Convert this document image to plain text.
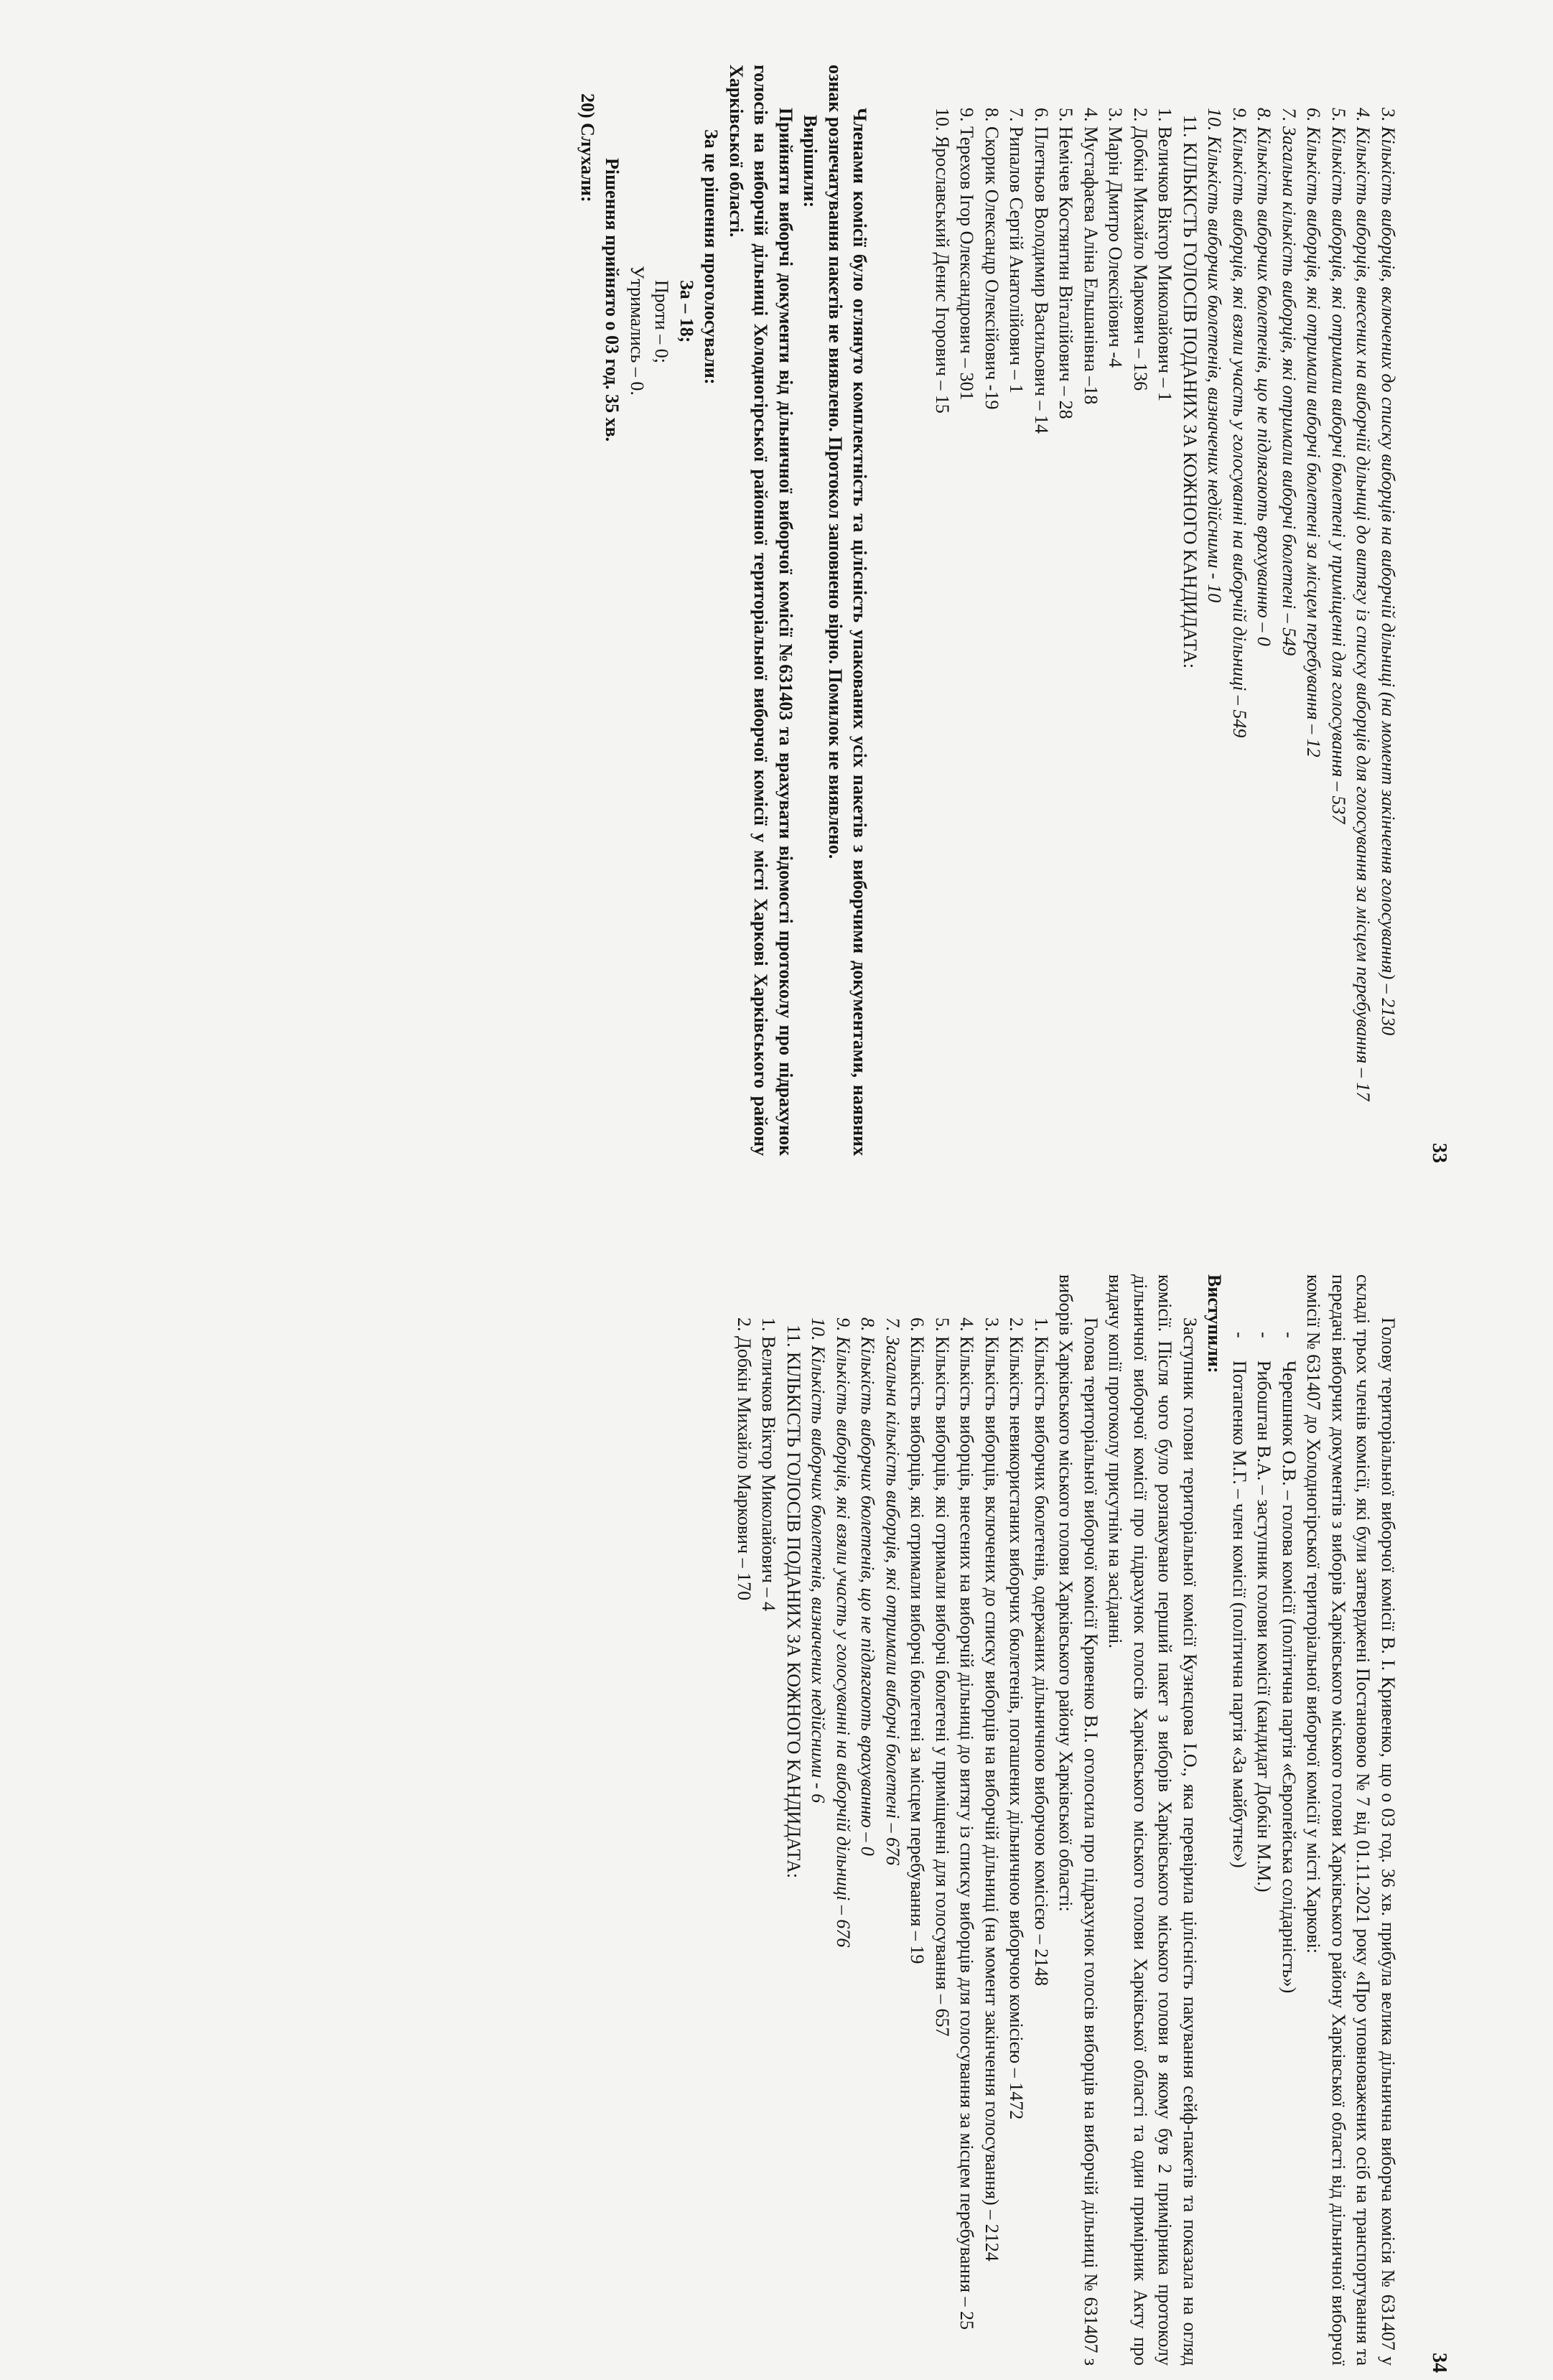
33

3. Кількість виборців, включених до списку виборців на виборчій дільниці (на момент закінчення голосування) – 2130

4. Кількість виборців, внесених на виборчій дільниці до витягу із списку виборців для голосування за місцем перебування – 17

5. Кількість виборців, які отримали виборчі бюлетені у приміщенні для голосування – 537

6. Кількість виборців, які отримали виборчі бюлетені за місцем перебування – 12

7. Загальна кількість виборців, які отримали виборчі бюлетені – 549

8. Кількість виборчих бюлетенів, що не підлягають врахуванню – 0

9. Кількість виборців, які взяли участь у голосуванні на виборчій дільниці – 549

10. Кількість виборчих бюлетенів, визначених недійсними - 10

11. КІЛЬКІСТЬ ГОЛОСІВ ПОДАНИХ ЗА КОЖНОГО КАНДИДАТА:

1. Величков Віктор Миколайович – 1

2. Добкін Михайло Маркович – 136

3. Марін Дмитро Олексійович -4

4. Мустафаєва Аліна Ельшанівна –18

5. Немічев Костянтин Віталійович – 28

6. Плетньов Володимир Васильович – 14

7. Рипалов Сергій Анатолійович – 1

8. Скорик Олександр Олексійович -19

9. Терехов Ігор Олександрович – 301

10. Ярославський Денис Ігорович – 15

Членами комісії було оглянуто комплектність та цілісність упакованих усіх пакетів з виборчими документами, наявних ознак розпечатування пакетів не виявлено. Протокол заповнено вірно. Помилок не виявлено.

Вирішили:

Прийняти виборчі документи від дільничної виборчої комісії №631403 та врахувати відомості протоколу про підрахунок голосів на виборчій дільниці Холодногірської районної територіальної виборчої комісії у місті Харкові Харківського району Харківської області.

За це рішення проголосували:

За – 18;

Проти – 0;

Утримались – 0.

Рішення прийнято о 03 год. 35 хв.

20) Слухали:

34

Голову територіальної виборчої комісії В. І. Кривенко, що о 03 год. 36 хв. прибула велика дільнична виборча комісія № 631407 у складі трьох членів комісії, які були затверджені Постановою № 7 від 01.11.2021 року «Про уповноважених осіб на транспортування та передачі виборчих документів з виборів Харківського міського голови Харківського району Харківської області від дільничної виборчої комісії № 631407 до Холодногірської територіальної виборчої комісії у місті Харкові:

-
Черешнюк О.В. – голова комісії (політична партія «Європейська солідарність»)
-
Рибоштан В.А. – заступник голови комісії (кандидат Добкін М.М.)
-
Потапенко М.Г. – член комісії (політична партія «За майбутнє»)

Виступили:

Заступник голови територіальної комісії Кузнєцова І.О., яка перевірила цілісність пакування сейф-пакетів та показала на огляд комісії. Після чого було розпакувано перший пакет з виборів Харківського міського голови в якому був 2 примірника протоколу дільничної виборчої комісії про підрахунок голосів Харківського міського голови Харківської області та один примірник Акту про видачу копії протоколу присутнім на засіданні.

Голова територіальної виборчої комісії Кривенко В.І. оголосила про підрахунок голосів виборців на виборчій дільниці № 631407 з виборів Харківського міського голови Харківського району Харківської області:

1. Кількість виборчих бюлетенів, одержаних дільничною виборчою комісією – 2148

2. Кількість невикористаних виборчих бюлетенів, погашених дільничною виборчою комісією – 1472

3. Кількість виборців, включених до списку виборців на виборчій дільниці (на момент закінчення голосування) – 2124

4. Кількість виборців, внесених на виборчій дільниці до витягу із списку виборців для голосування за місцем перебування – 25

5. Кількість виборців, які отримали виборчі бюлетені у приміщенні для голосування – 657

6. Кількість виборців, які отримали виборчі бюлетені за місцем перебування – 19

7. Загальна кількість виборців, які отримали виборчі бюлетені – 676

8. Кількість виборчих бюлетенів, що не підлягають врахуванню – 0

9. Кількість виборців, які взяли участь у голосуванні на виборчій дільниці – 676

10. Кількість виборчих бюлетенів, визначених недійсними - 6

11. КІЛЬКІСТЬ ГОЛОСІВ ПОДАНИХ ЗА КОЖНОГО КАНДИДАТА:

1. Величков Віктор Миколайович – 4

2. Добкін Михайло Маркович – 170
